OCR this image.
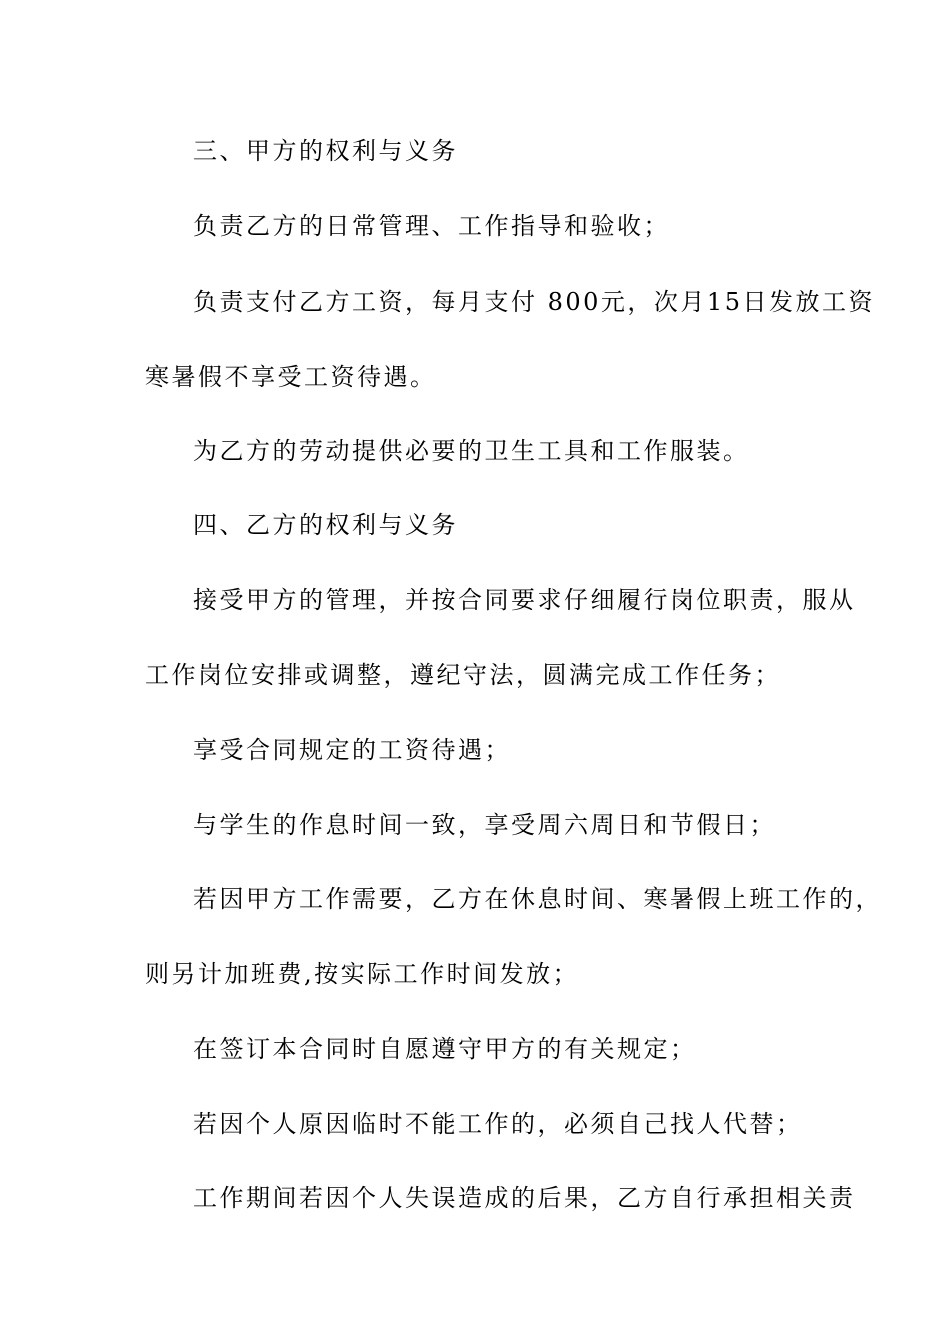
三、甲方的权利与义务
负责乙方的日常管理、工作指导和验收；
负责支付乙方工资，每月支付 800元，次月15日发放工资
寒暑假不享受工资待遇。
为乙方的劳动提供必要的卫生工具和工作服装。
四、乙方的权利与义务
接受甲方的管理，并按合同要求仔细履行岗位职责，服从
工作岗位安排或调整，遵纪守法，圆满完成工作任务；
享受合同规定的工资待遇；
与学生的作息时间一致，享受周六周日和节假日；
若因甲方工作需要，乙方在休息时间、寒暑假上班工作的，
则另计加班费,按实际工作时间发放；
在签订本合同时自愿遵守甲方的有关规定；
若因个人原因临时不能工作的，必须自己找人代替；
工作期间若因个人失误造成的后果，乙方自行承担相关责
